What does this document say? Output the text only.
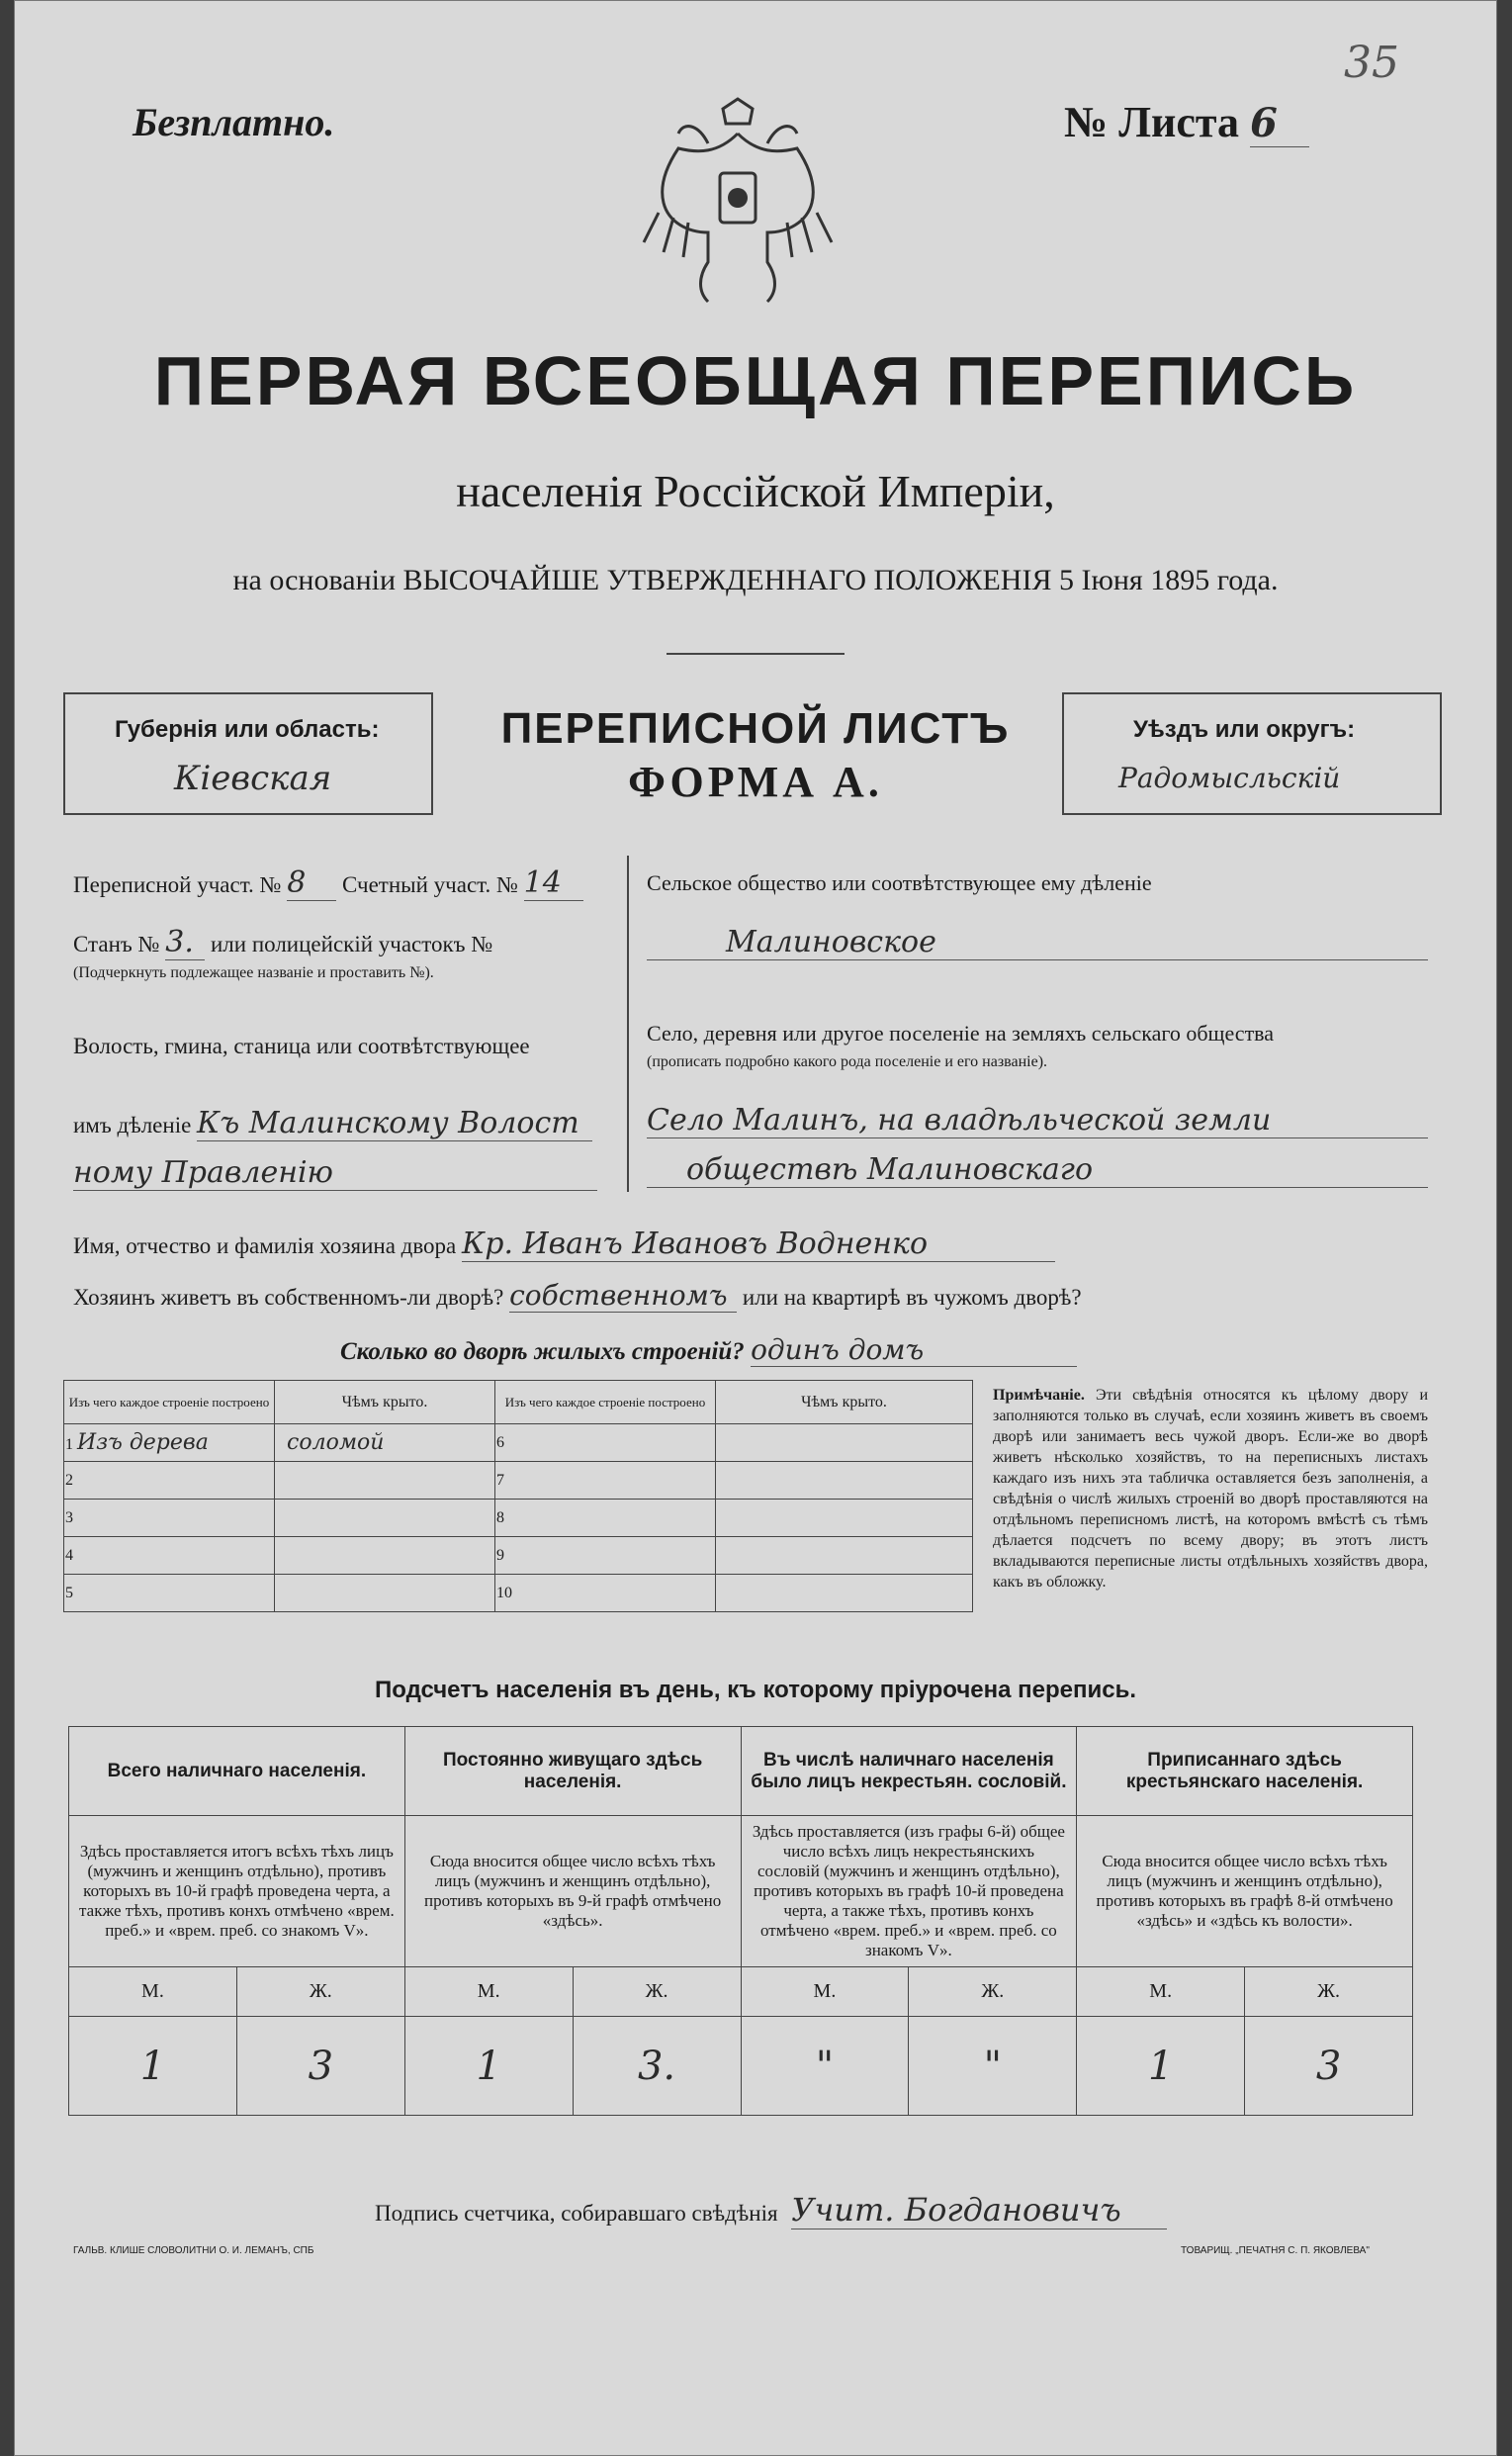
35
Безплатно.	№ Листа 6
ПЕРВАЯ ВСЕОБЩАЯ ПЕРЕПИСЬ
населенія Россійской Имперіи,
на основаніи ВЫСОЧАЙШЕ УТВЕРЖДЕННАГО ПОЛОЖЕНІЯ 5 Іюня 1895 года.
Губернія или область:
Кіевская
ПЕРЕПИСНОЙ ЛИСТЪ
ФОРМА А.
Уѣздъ или округъ:
Радомысльскій
Переписной участ. № 8 Счетный участ. № 14
Станъ № 3. или полицейскій участокъ №
(Подчеркнуть подлежащее названіе и проставить №).
Волость, гмина, станица или соотвѣтствующее
имъ дѣленіе Къ Малинскому Волост
ному Правленію
Сельское общество или соотвѣтствующее ему дѣленіе
Малиновское
Село, деревня или другое поселеніе на земляхъ сельскаго общества
(прописать подробно какого рода поселеніе и его названіе).
Село Малинъ, на владѣльческой земли
обществѣ Малиновскаго
Имя, отчество и фамилія хозяина двора Кр. Иванъ Ивановъ Водненко
Хозяинъ живетъ въ собственномъ-ли дворѣ? собственномъ или на квартирѣ въ чужомъ дворѣ?
Сколько во дворѣ жилыхъ строеній? одинъ домъ
Изъ чего каждое строеніе построено	Чѣмъ крыто.	Изъ чего каждое строеніе построено	Чѣмъ крыто.
1 Изъ дерева	соломой	6	
2		7	
3		8	
4		9	
5		10	
Примѣчаніе. Эти свѣдѣнія относятся къ цѣлому двору и заполняются только въ случаѣ, если хозяинъ живетъ въ своемъ дворѣ или занимаетъ весь чужой дворъ. Если-же во дворѣ живетъ нѣсколько хозяйствъ, то на переписныхъ листахъ каждаго изъ нихъ эта табличка оставляется безъ заполненія, а свѣдѣнія о числѣ жилыхъ строеній во дворѣ проставляются на отдѣльномъ переписномъ листѣ, на которомъ вмѣстѣ съ тѣмъ дѣлается подсчетъ по всему двору; въ этотъ листъ вкладываются переписные листы отдѣльныхъ хозяйствъ двора, какъ въ обложку.
Подсчетъ населенія въ день, къ которому пріурочена перепись.
Всего наличнаго населенія.		Постоянно живущаго здѣсь населенія.		Въ числѣ наличнаго населенія было лицъ некрестьян. сословій.		Приписаннаго здѣсь крестьянскаго населенія.	
Здѣсь проставляется итогъ всѣхъ тѣхъ лицъ (мужчинъ и женщинъ отдѣльно), противъ которыхъ въ 10-й графѣ проведена черта, а также тѣхъ, противъ конхъ отмѣчено «врем. преб.» и «врем. преб. со знакомъ V».		Сюда вносится общее число всѣхъ тѣхъ лицъ (мужчинъ и женщинъ отдѣльно), противъ которыхъ въ 9-й графѣ отмѣчено «здѣсь».		Здѣсь проставляется (изъ графы 6-й) общее число всѣхъ лицъ некрестьянскихъ сословій (мужчинъ и женщинъ отдѣльно), противъ которыхъ въ графѣ 10-й проведена черта, а также тѣхъ, противъ конхъ отмѣчено «врем. преб.» и «врем. преб. со знакомъ V».		Сюда вносится общее число всѣхъ тѣхъ лицъ (мужчинъ и женщинъ отдѣльно), противъ которыхъ въ графѣ 8-й отмѣчено «здѣсь» и «здѣсь къ волости».	
М.	Ж.	М.	Ж.	М.	Ж.	М.	Ж.
1	3	1	3.	"	"	1	3
Подпись счетчика, собиравшаго свѣдѣнія Учит. Богдановичъ
ГАЛЬВ. КЛИШЕ СЛОВОЛИТНИ О. И. ЛЕМАНЪ, СПБ	ТОВАРИЩ. „ПЕЧАТНЯ С. П. ЯКОВЛЕВА"
